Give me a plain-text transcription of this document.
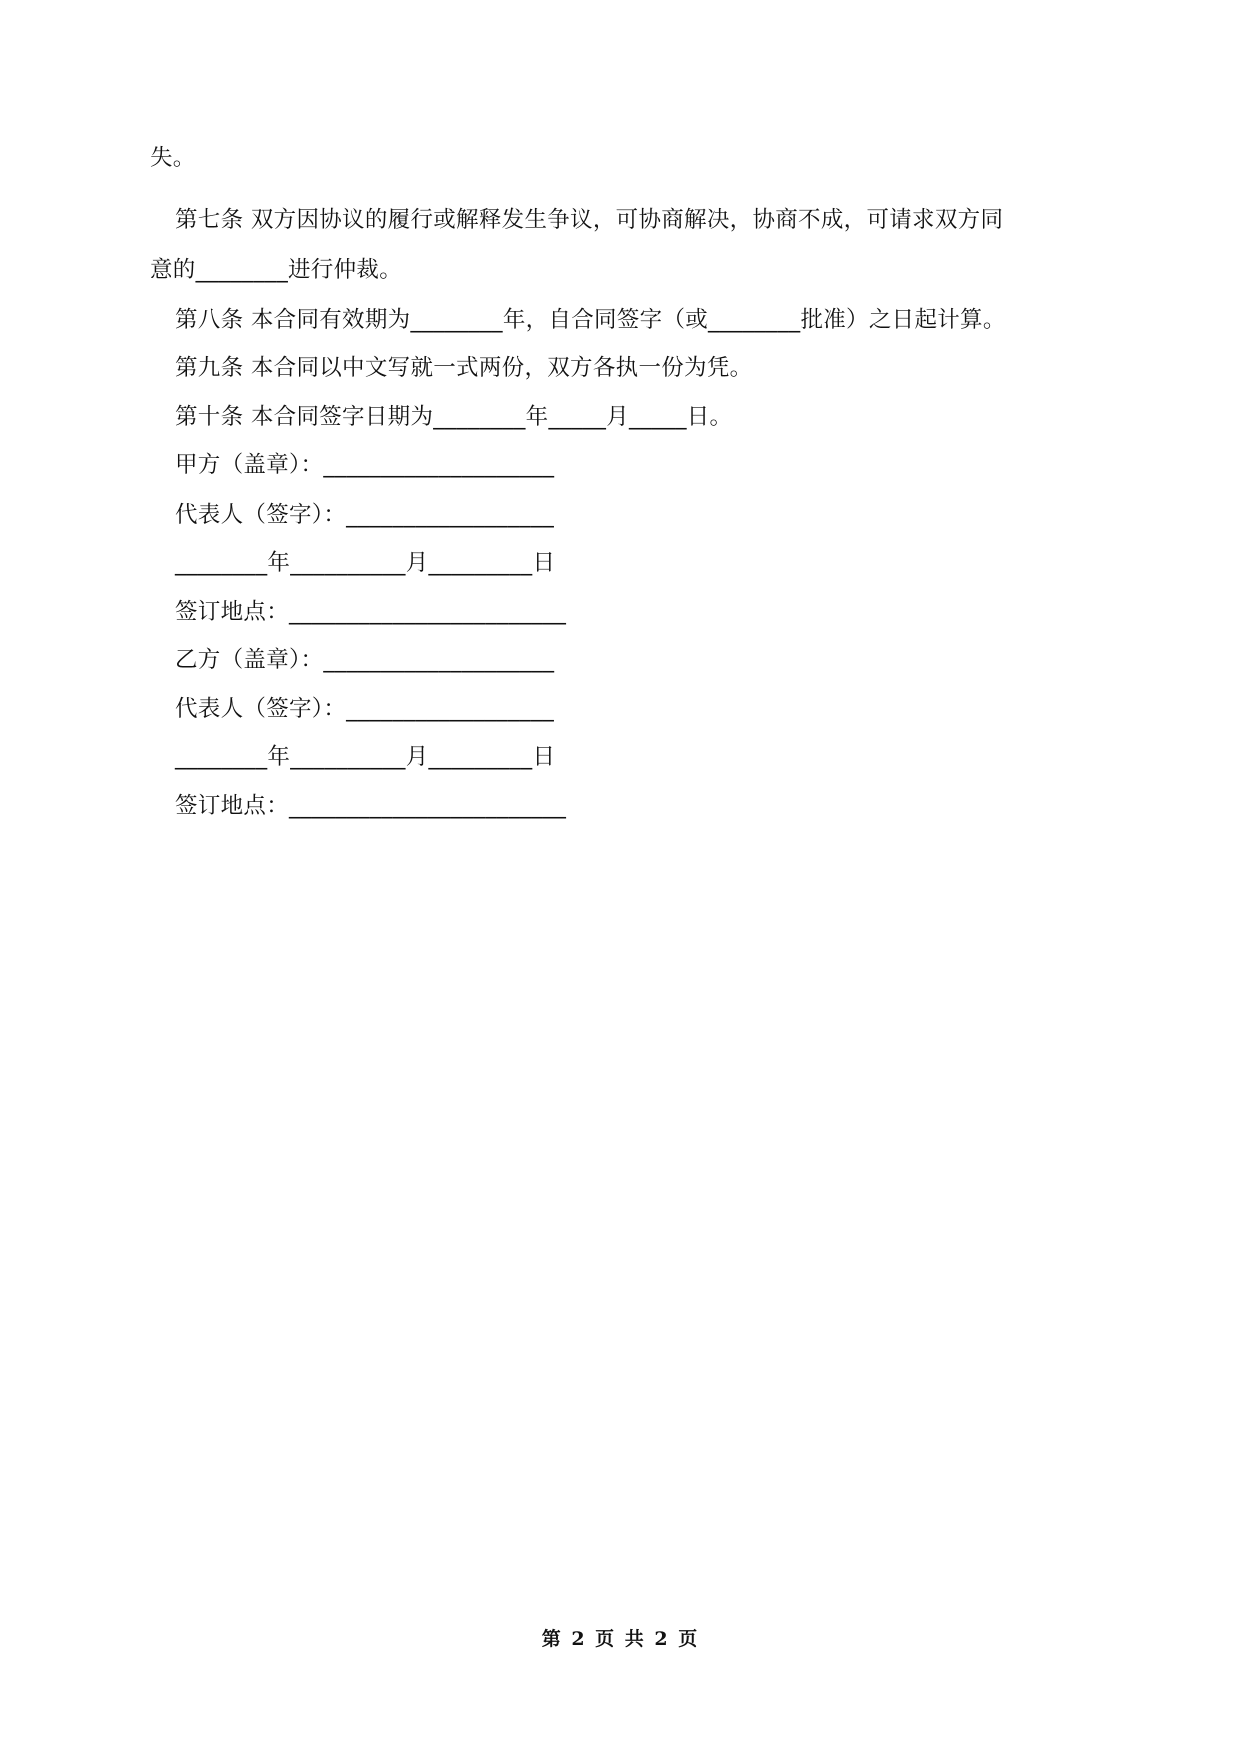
失。
第七条 双方因协议的履行或解释发生争议，可协商解决，协商不成，可请求双方同
意的________进行仲裁。
第八条 本合同有效期为________年，自合同签字（或________批准）之日起计算。
第九条 本合同以中文写就一式两份，双方各执一份为凭。
第十条 本合同签字日期为________年_____月_____日。
甲方（盖章）：____________________
代表人（签字）：__________________
________年__________月_________日
签订地点：________________________
乙方（盖章）：____________________
代表人（签字）：__________________
________年__________月_________日
签订地点：________________________
第 2 页 共 2 页
